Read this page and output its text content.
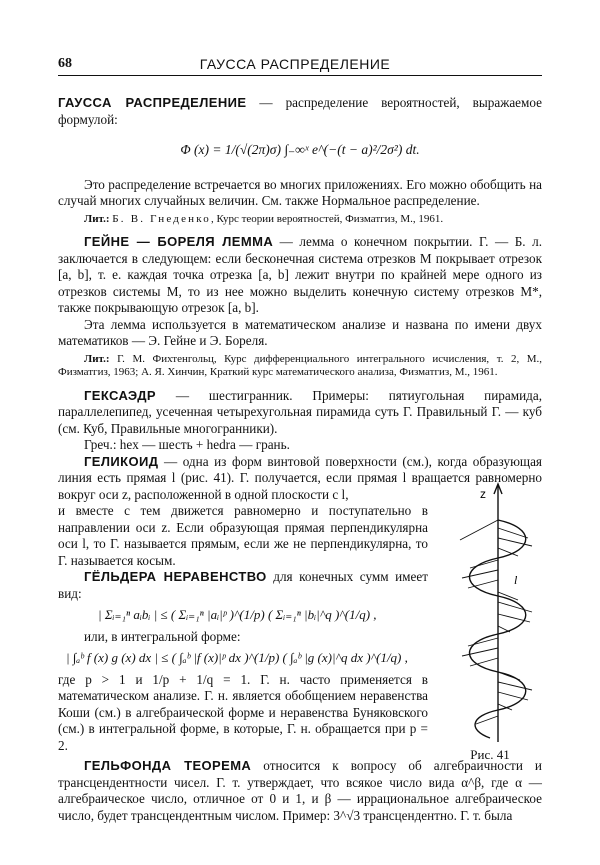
68	ГАУССА РАСПРЕДЕЛЕНИЕ

ГАУССА РАСПРЕДЕЛЕНИЕ — распределение вероятностей, выражаемое формулой:

Φ (x) = 1/(√(2π)σ) ∫₋∞ˣ e^(−(t − a)²/2σ²) dt.

Это распределение встречается во многих приложениях. Его можно обобщить на случай многих случайных величин. См. также Нормальное распределение.

Лит.: Б. В. Гнеденко, Курс теории вероятностей, Физматгиз, М., 1961.

ГЕЙНЕ — БОРЕЛЯ ЛЕММА — лемма о конечном покрытии. Г. — Б. л. заключается в следующем: если бесконечная система отрезков M покрывает отрезок [a, b], т. е. каждая точка отрезка [a, b] лежит внутри по крайней мере одного из отрезков системы M, то из нее можно выделить конечную систему отрезков M*, также покрывающую отрезок [a, b].

Эта лемма используется в математическом анализе и названа по имени двух математиков — Э. Гейне и Э. Бореля.

Лит.: Г. М. Фихтенгольц, Курс дифференциального интегрального исчисления, т. 2, М., Физматгиз, 1963; А. Я. Хинчин, Краткий курс математического анализа, Физматгиз, М., 1961.

ГЕКСАЭДР — шестигранник. Примеры: пятиугольная пирамида, параллелепипед, усеченная четырехугольная пирамида суть Г. Правильный Г. — куб (см. Куб, Правильные многогранники).

Греч.: hex — шесть + hedra — грань.

ГЕЛИКОИД — одна из форм винтовой поверхности (см.), когда образующая линия есть прямая l (рис. 41). Г. получается, если прямая l вращается равномерно вокруг оси z, расположенной в одной плоскости с l,

и вместе с тем движется равномерно и поступательно в направлении оси z. Если образующая прямая перпендикулярна оси l, то Г. называется прямым, если же не перпендикулярна, то Г. называется косым.

ГЁЛЬДЕРА НЕРАВЕНСТВО для конечных сумм имеет вид:

| Σᵢ₌₁ⁿ aᵢbᵢ | ≤ ( Σᵢ₌₁ⁿ |aᵢ|ᵖ )^(1/p) ( Σᵢ₌₁ⁿ |bᵢ|^q )^(1/q) ,

или, в интегральной форме:

| ∫ₐᵇ f (x) g (x) dx | ≤ ( ∫ₐᵇ |f (x)|ᵖ dx )^(1/p) ( ∫ₐᵇ |g (x)|^q dx )^(1/q) ,

где p > 1 и 1/p + 1/q = 1. Г. н. часто применяется в математическом анализе. Г. н. является обобщением неравенства Коши (см.) в алгебраической форме и неравенства Буняковского (см.) в интегральной форме, в которые, Г. н. обращается при p = 2.

ГЕЛЬФОНДА ТЕОРЕМА относится к вопросу об алгебраичности и трансцендентности чисел. Г. т. утверждает, что всякое число вида α^β, где α — алгебраическое число, отличное от 0 и 1, и β — иррациональное алгебраическое число, будет трансцендентным числом. Пример: 3^√3 трансцендентно. Г. т. была

z
l
Рис. 41
